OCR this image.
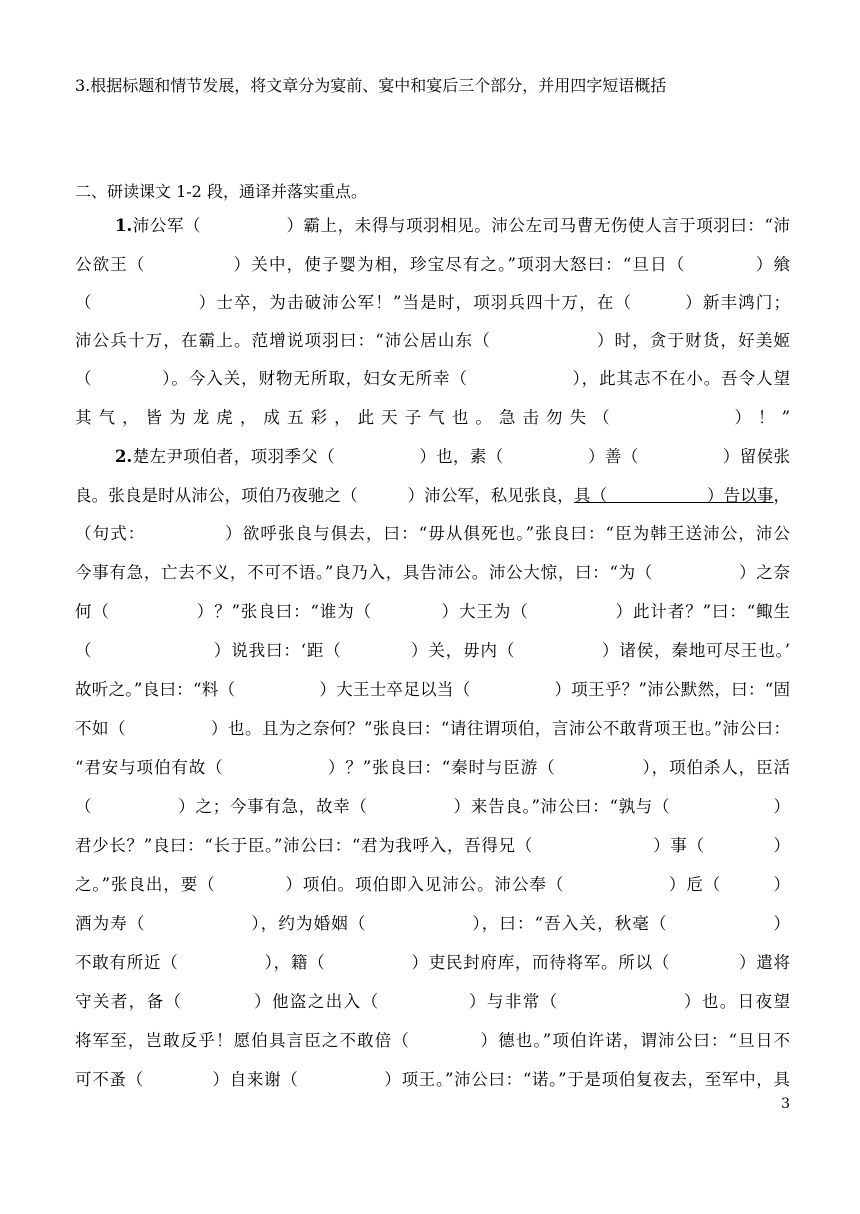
3.根据标题和情节发展，将文章分为宴前、宴中和宴后三个部分，并用四字短语概括
二、研读课文 1-2 段，通译并落实重点。
1.沛公军（　　　　　）霸上，未得与项羽相见。沛公左司马曹无伤使人言于项羽曰：“沛
公欲王（　　　　　）关中，使子婴为相，珍宝尽有之。”项羽大怒曰：“旦日（　　　　）飨
（　　　　　　）士卒，为击破沛公军！”当是时，项羽兵四十万，在（　　　）新丰鸿门；
沛公兵十万，在霸上。范增说项羽曰：“沛公居山东（　　　　　　）时，贪于财货，好美姬
（　　　　）。今入关，财物无所取，妇女无所幸（　　　　　　），此其志不在小。吾令人望
其气，皆为龙虎，成五彩，此天子气也。急击勿失（　　　　　）！”
2.楚左尹项伯者，项羽季父（　　　　　）也，素（　　　　　）善（　　　　　）留侯张
良。张良是时从沛公，项伯乃夜驰之（　　　）沛公军，私见张良，具（　　　　　　）告以事，
（句式：　　　　　）欲呼张良与俱去，曰：“毋从俱死也。”张良曰：“臣为韩王送沛公，沛公
今事有急，亡去不义，不可不语。”良乃入，具告沛公。沛公大惊，曰：“为（　　　　　）之奈
何（　　　　　）？”张良曰：“谁为（　　　　）大王为（　　　　　）此计者？”曰：“鲰生
（　　　　　　　）说我曰：‘距（　　　　）关，毋内（　　　　　）诸侯，秦地可尽王也。’
故听之。”良曰：“料（　　　　　）大王士卒足以当（　　　　　）项王乎？”沛公默然，曰：“固
不如（　　　　　）也。且为之奈何？”张良曰：“请往谓项伯，言沛公不敢背项王也。”沛公曰：
“君安与项伯有故（　　　　　　）？”张良曰：“秦时与臣游（　　　　　），项伯杀人，臣活
（　　　　　）之；今事有急，故幸（　　　　　）来告良。”沛公曰：“孰与（　　　　　　）
君少长？”良曰：“长于臣。”沛公曰：“君为我呼入，吾得兄（　　　　　　　）事（　　　　）
之。”张良出，要（　　　　）项伯。项伯即入见沛公。沛公奉（　　　　　　）卮（　　　）
酒为寿（　　　　　　），约为婚姻（　　　　　　），曰：“吾入关，秋毫（　　　　　　）
不敢有所近（　　　　　），籍（　　　　　）吏民封府库，而待将军。所以（　　　　）遣将
守关者，备（　　　　）他盗之出入（　　　　　）与非常（　　　　　　　）也。日夜望
将军至，岂敢反乎！愿伯具言臣之不敢倍（　　　　）德也。”项伯许诺，谓沛公曰：“旦日不
可不蚤（　　　　）自来谢（　　　　　）项王。”沛公曰：“诺。”于是项伯复夜去，至军中，具
3
